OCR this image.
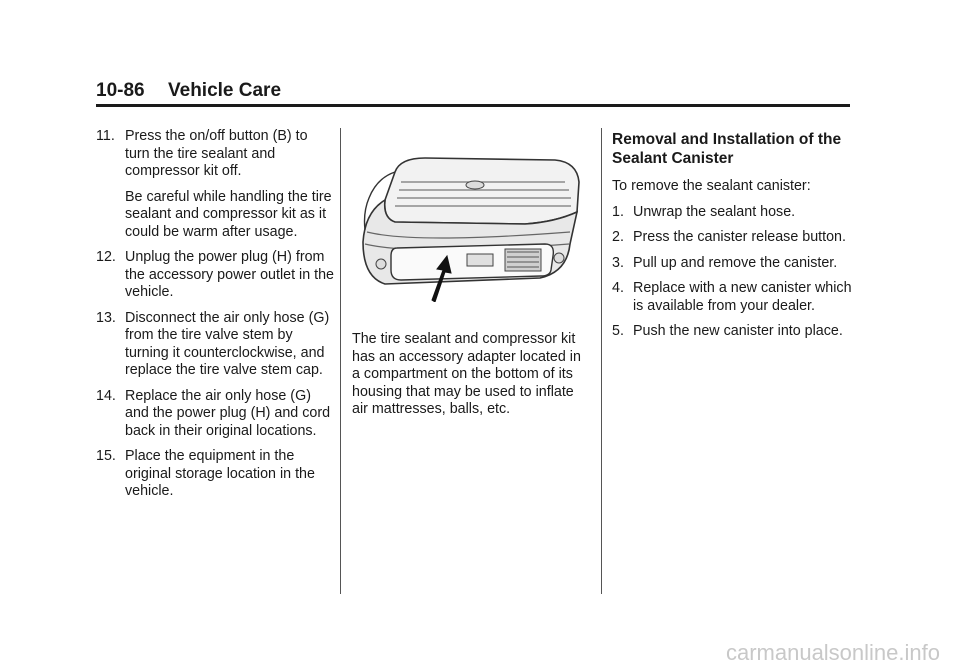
10-86 Vehicle Care
11. Press the on/off button (B) to turn the tire sealant and compressor kit off.
Be careful while handling the tire sealant and compressor kit as it could be warm after usage.
12. Unplug the power plug (H) from the accessory power outlet in the vehicle.
13. Disconnect the air only hose (G) from the tire valve stem by turning it counterclockwise, and replace the tire valve stem cap.
14. Replace the air only hose (G) and the power plug (H) and cord back in their original locations.
15. Place the equipment in the original storage location in the vehicle.
The tire sealant and compressor kit has an accessory adapter located in a compartment on the bottom of its housing that may be used to inflate air mattresses, balls, etc.
Removal and Installation of the Sealant Canister
To remove the sealant canister:
1. Unwrap the sealant hose.
2. Press the canister release button.
3. Pull up and remove the canister.
4. Replace with a new canister which is available from your dealer.
5. Push the new canister into place.
carmanualsonline.info
